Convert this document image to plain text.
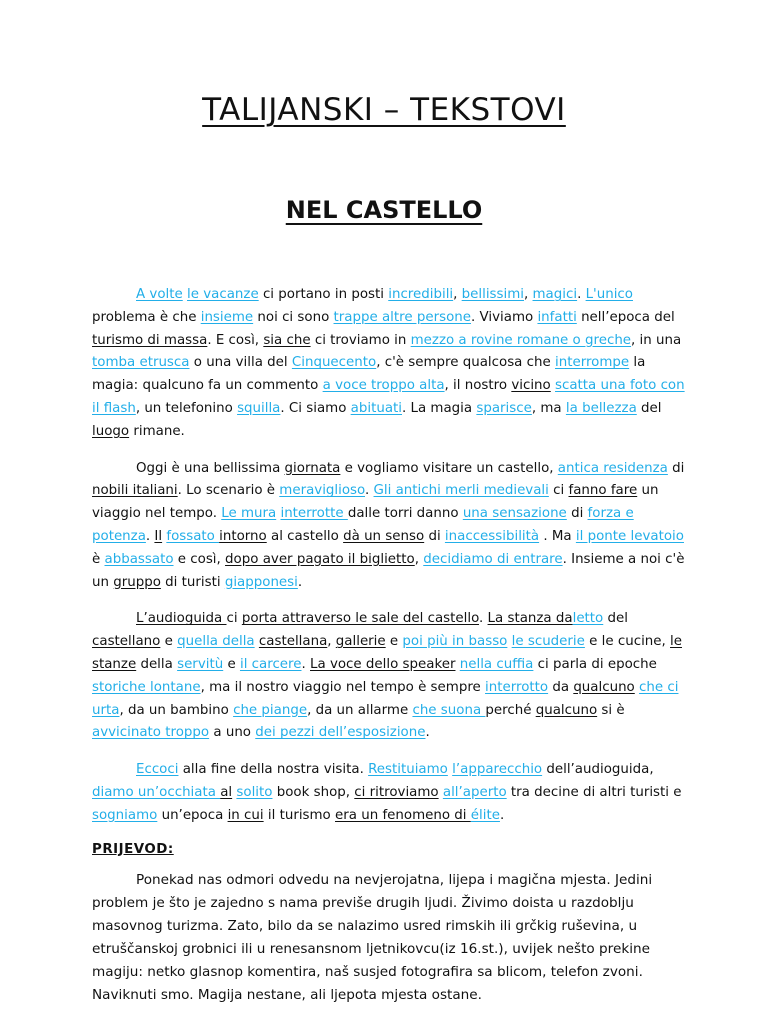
TALIJANSKI – TEKSTOVI
NEL CASTELLO

A volte le vacanze ci portano in posti incredibili, bellissimi, magici. L'unico problema è che insieme noi ci sono trappe altre persone. Viviamo infatti nell’epoca del turismo di massa. E così, sia che ci troviamo in mezzo a rovine romane o greche, in una tomba etrusca o una villa del Cinquecento, c'è sempre qualcosa che interrompe la magia: qualcuno fa un commento a voce troppo alta, il nostro vicino scatta una foto con il flash, un telefonino squilla. Ci siamo abituati. La magia sparisce, ma la bellezza del luogo rimane.

Oggi è una bellissima giornata e vogliamo visitare un castello, antica residenza di nobili italiani. Lo scenario è meraviglioso. Gli antichi merli medievali ci fanno fare un viaggio nel tempo. Le mura interrotte dalle torri danno una sensazione di forza e potenza. Il fossato intorno al castello dà un senso di inaccessibilità . Ma il ponte levatoio è abbassato e così, dopo aver pagato il biglietto, decidiamo di entrare. Insieme a noi c'è un gruppo di turisti giapponesi.

L’audioguida ci porta attraverso le sale del castello. La stanza daletto del castellano e quella della castellana, gallerie e poi più in basso le scuderie e le cucine, le stanze della servitù e il carcere. La voce dello speaker nella cuffia ci parla di epoche storiche lontane, ma il nostro viaggio nel tempo è sempre interrotto da qualcuno che ci urta, da un bambino che piange, da un allarme che suona perché qualcuno si è avvicinato troppo a uno dei pezzi dell’esposizione.

Eccoci alla fine della nostra visita. Restituiamo l’apparecchio dell’audioguida, diamo un’occhiata al solito book shop, ci ritroviamo all’aperto tra decine di altri turisti e sogniamo un’epoca in cui il turismo era un fenomeno di élite.

PRIJEVOD:

Ponekad nas odmori odvedu na nevjerojatna, lijepa i magična mjesta. Jedini problem je što je zajedno s nama previše drugih ljudi. Živimo doista u razdoblju masovnog turizma. Zato, bilo da se nalazimo usred rimskih ili grčkig ruševina, u etruščanskoj grobnici ili u renesansnom ljetnikovcu(iz 16.st.), uvijek nešto prekine magiju: netko glasnop komentira, naš susjed fotografira sa blicom, telefon zvoni. Naviknuti smo. Magija nestane, ali ljepota mjesta ostane.
